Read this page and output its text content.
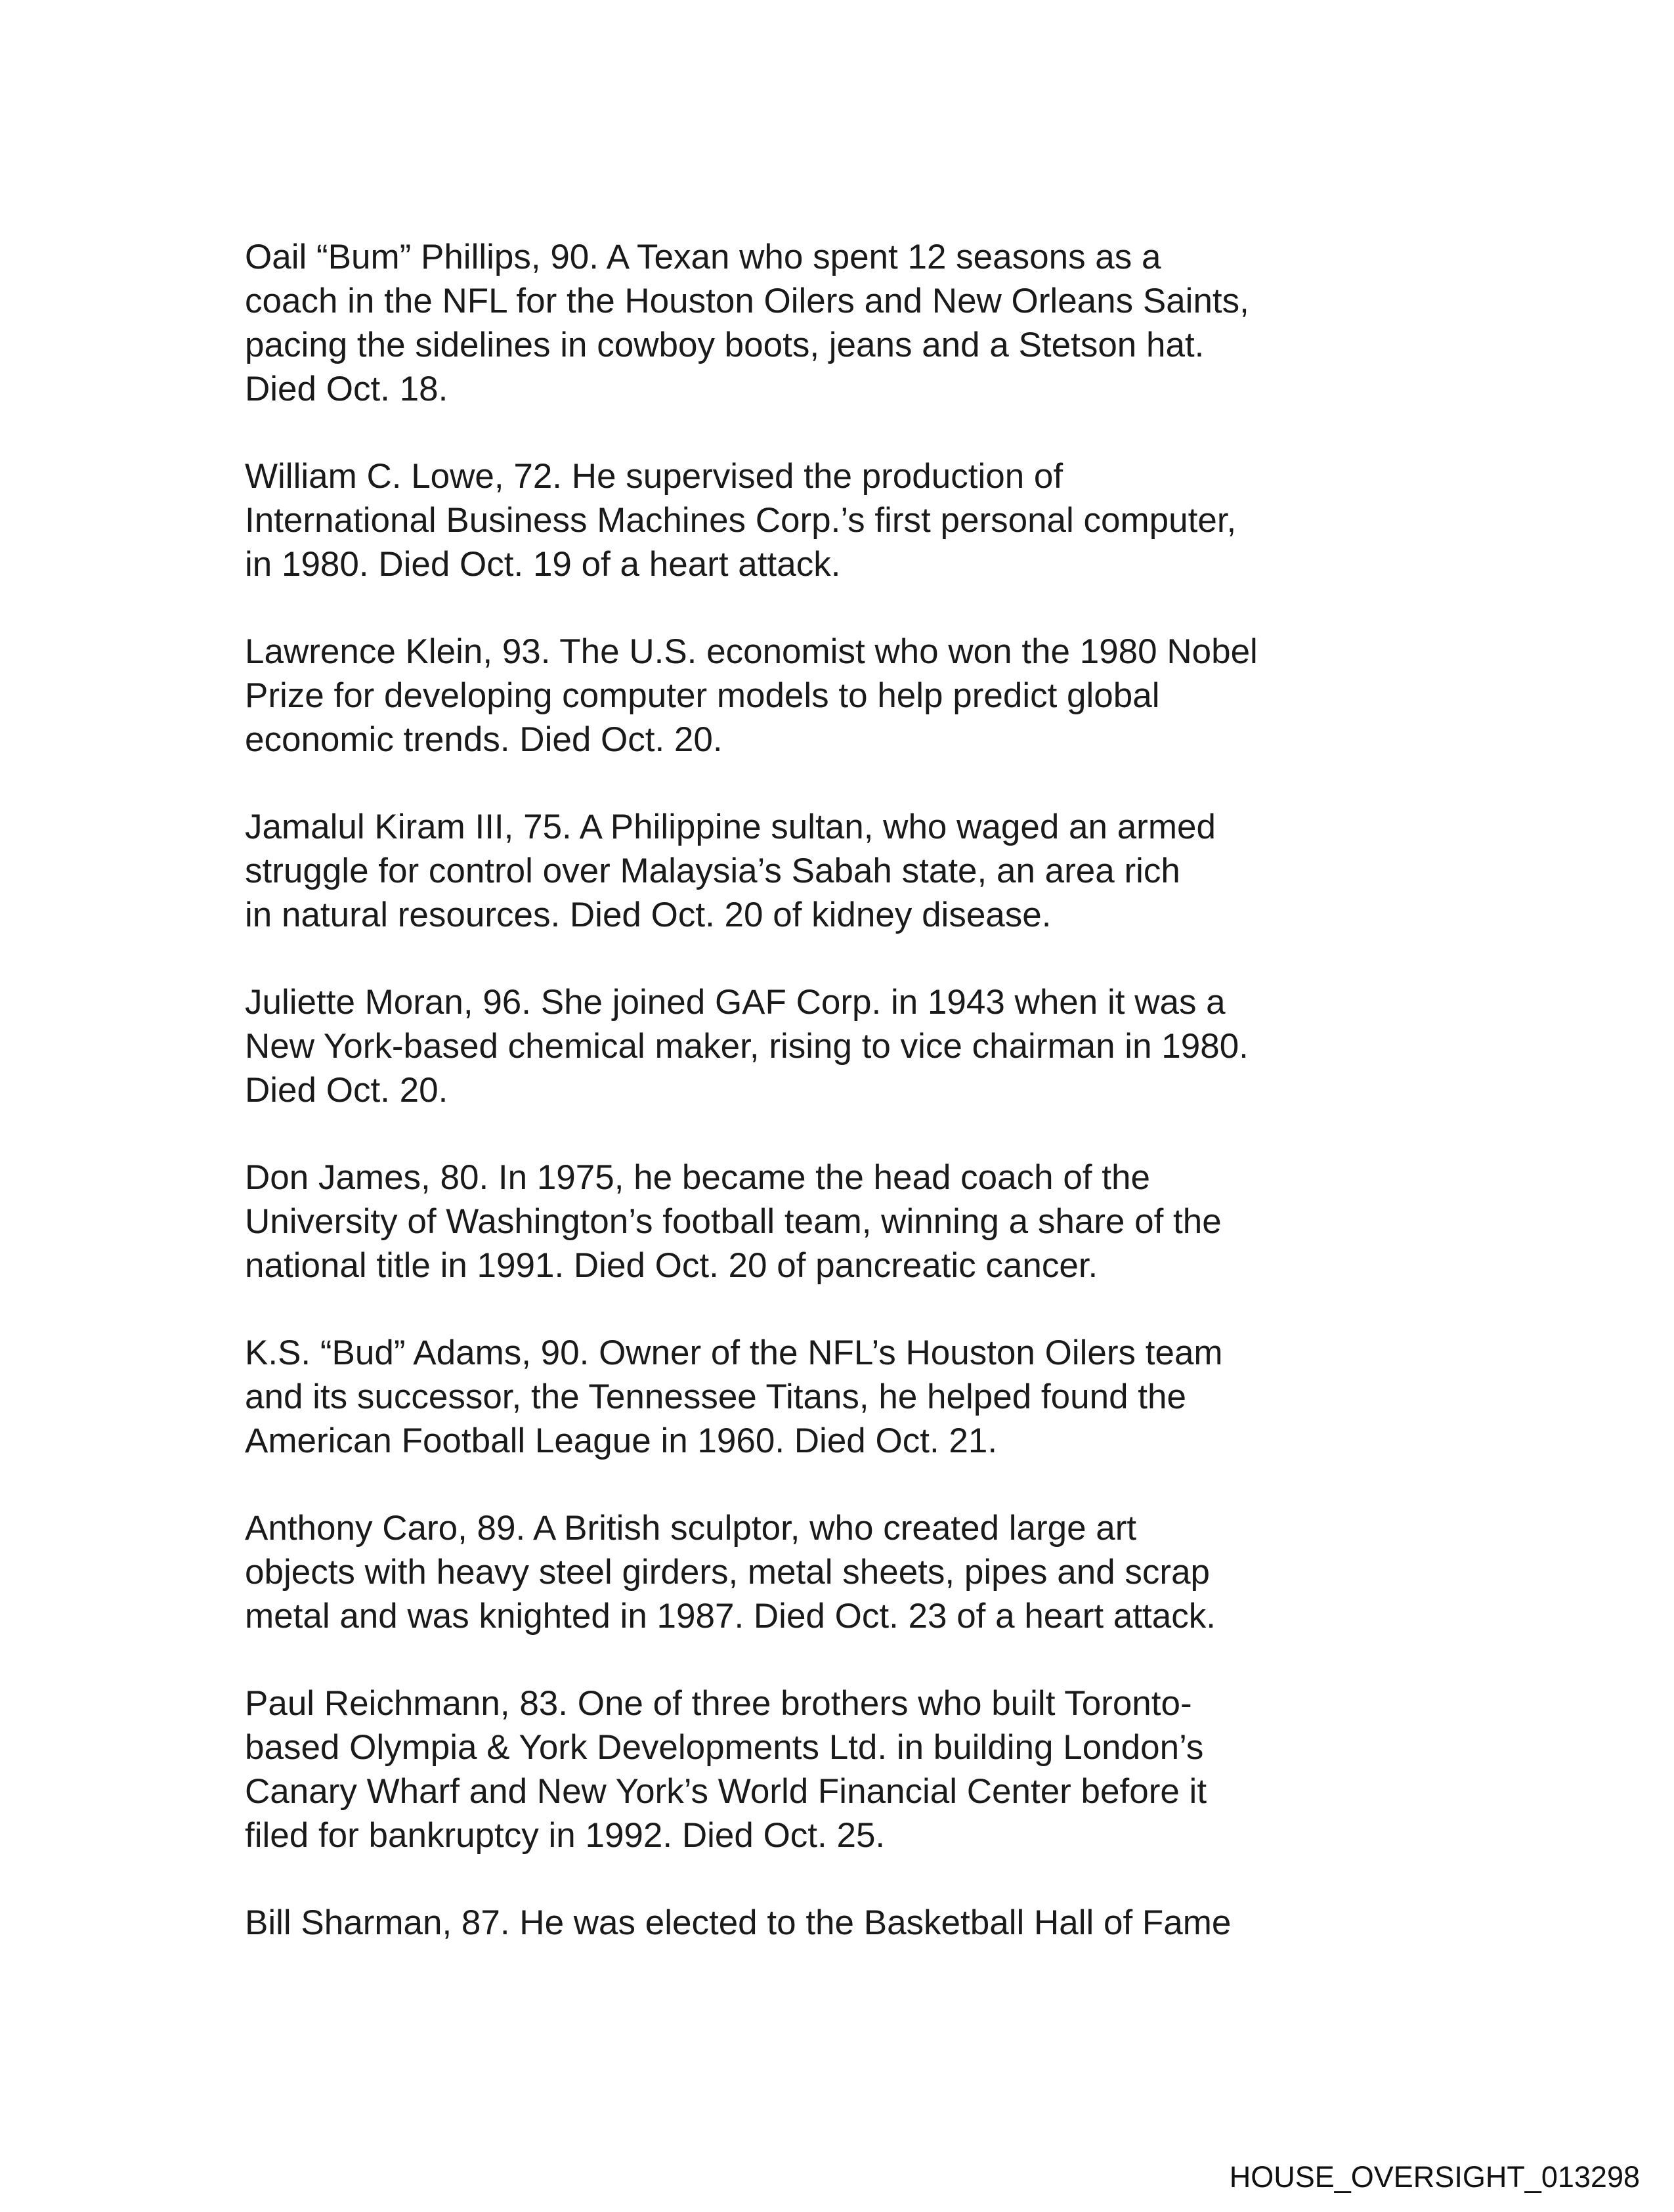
Oail “Bum” Phillips, 90. A Texan who spent 12 seasons as a
coach in the NFL for the Houston Oilers and New Orleans Saints,
pacing the sidelines in cowboy boots, jeans and a Stetson hat.
Died Oct. 18.
William C. Lowe, 72. He supervised the production of
International Business Machines Corp.’s first personal computer,
in 1980. Died Oct. 19 of a heart attack.
Lawrence Klein, 93. The U.S. economist who won the 1980 Nobel
Prize for developing computer models to help predict global
economic trends. Died Oct. 20.
Jamalul Kiram III, 75. A Philippine sultan, who waged an armed
struggle for control over Malaysia’s Sabah state, an area rich
in natural resources. Died Oct. 20 of kidney disease.
Juliette Moran, 96. She joined GAF Corp. in 1943 when it was a
New York-based chemical maker, rising to vice chairman in 1980.
Died Oct. 20.
Don James, 80. In 1975, he became the head coach of the
University of Washington’s football team, winning a share of the
national title in 1991. Died Oct. 20 of pancreatic cancer.
K.S. “Bud” Adams, 90. Owner of the NFL’s Houston Oilers team
and its successor, the Tennessee Titans, he helped found the
American Football League in 1960. Died Oct. 21.
Anthony Caro, 89. A British sculptor, who created large art
objects with heavy steel girders, metal sheets, pipes and scrap
metal and was knighted in 1987. Died Oct. 23 of a heart attack.
Paul Reichmann, 83. One of three brothers who built Toronto-
based Olympia & York Developments Ltd. in building London’s
Canary Wharf and New York’s World Financial Center before it
filed for bankruptcy in 1992. Died Oct. 25.
Bill Sharman, 87. He was elected to the Basketball Hall of Fame
HOUSE_OVERSIGHT_013298
